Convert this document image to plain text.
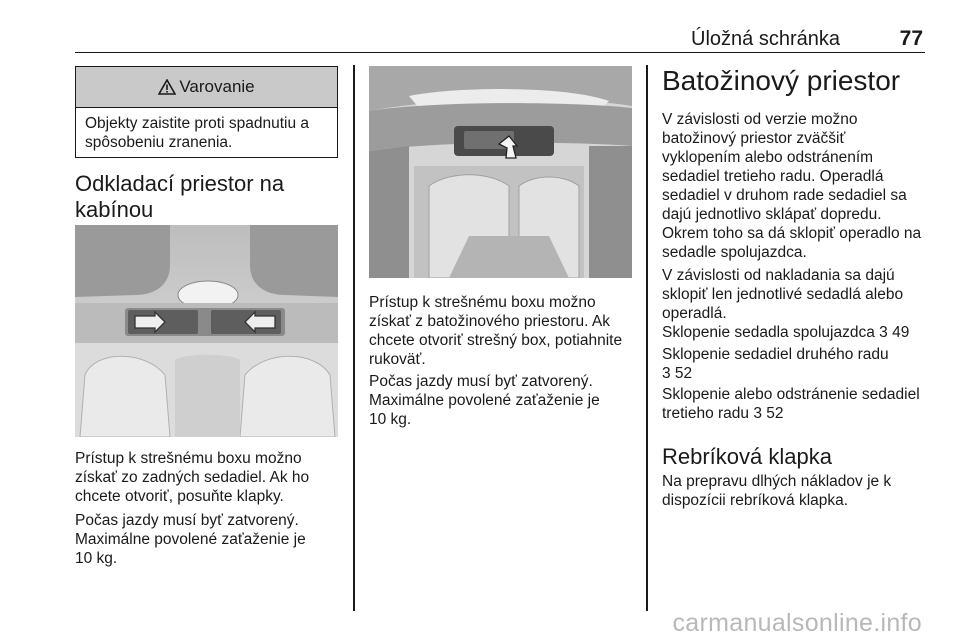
Úložná schránka	77
Varovanie
Objekty zaistite proti spadnutiu a
spôsobeniu zranenia.
Odkladací priestor na
kabínou
Prístup k strešnému boxu možno
získať zo zadných sedadiel. Ak ho
chcete otvoriť, posuňte klapky.
Počas jazdy musí byť zatvorený.
Maximálne povolené zaťaženie je
10 kg.
Prístup k strešnému boxu možno
získať z batožinového priestoru. Ak
chcete otvoriť strešný box, potiahnite
rukoväť.
Počas jazdy musí byť zatvorený.
Maximálne povolené zaťaženie je
10 kg.
Batožinový priestor
V závislosti od verzie možno
batožinový priestor zväčšiť
vyklopením alebo odstránením
sedadiel tretieho radu. Operadlá
sedadiel v druhom rade sedadiel sa
dajú jednotlivo sklápať dopredu.
Okrem toho sa dá sklopiť operadlo na
sedadle spolujazdca.
V závislosti od nakladania sa dajú
sklopiť len jednotlivé sedadlá alebo
operadlá.
Sklopenie sedadla spolujazdca 3 49
Sklopenie sedadiel druhého radu
3 52
Sklopenie alebo odstránenie sedadiel
tretieho radu 3 52
Rebríková klapka
Na prepravu dlhých nákladov je k
dispozícii rebríková klapka.
carmanualsonline.info
